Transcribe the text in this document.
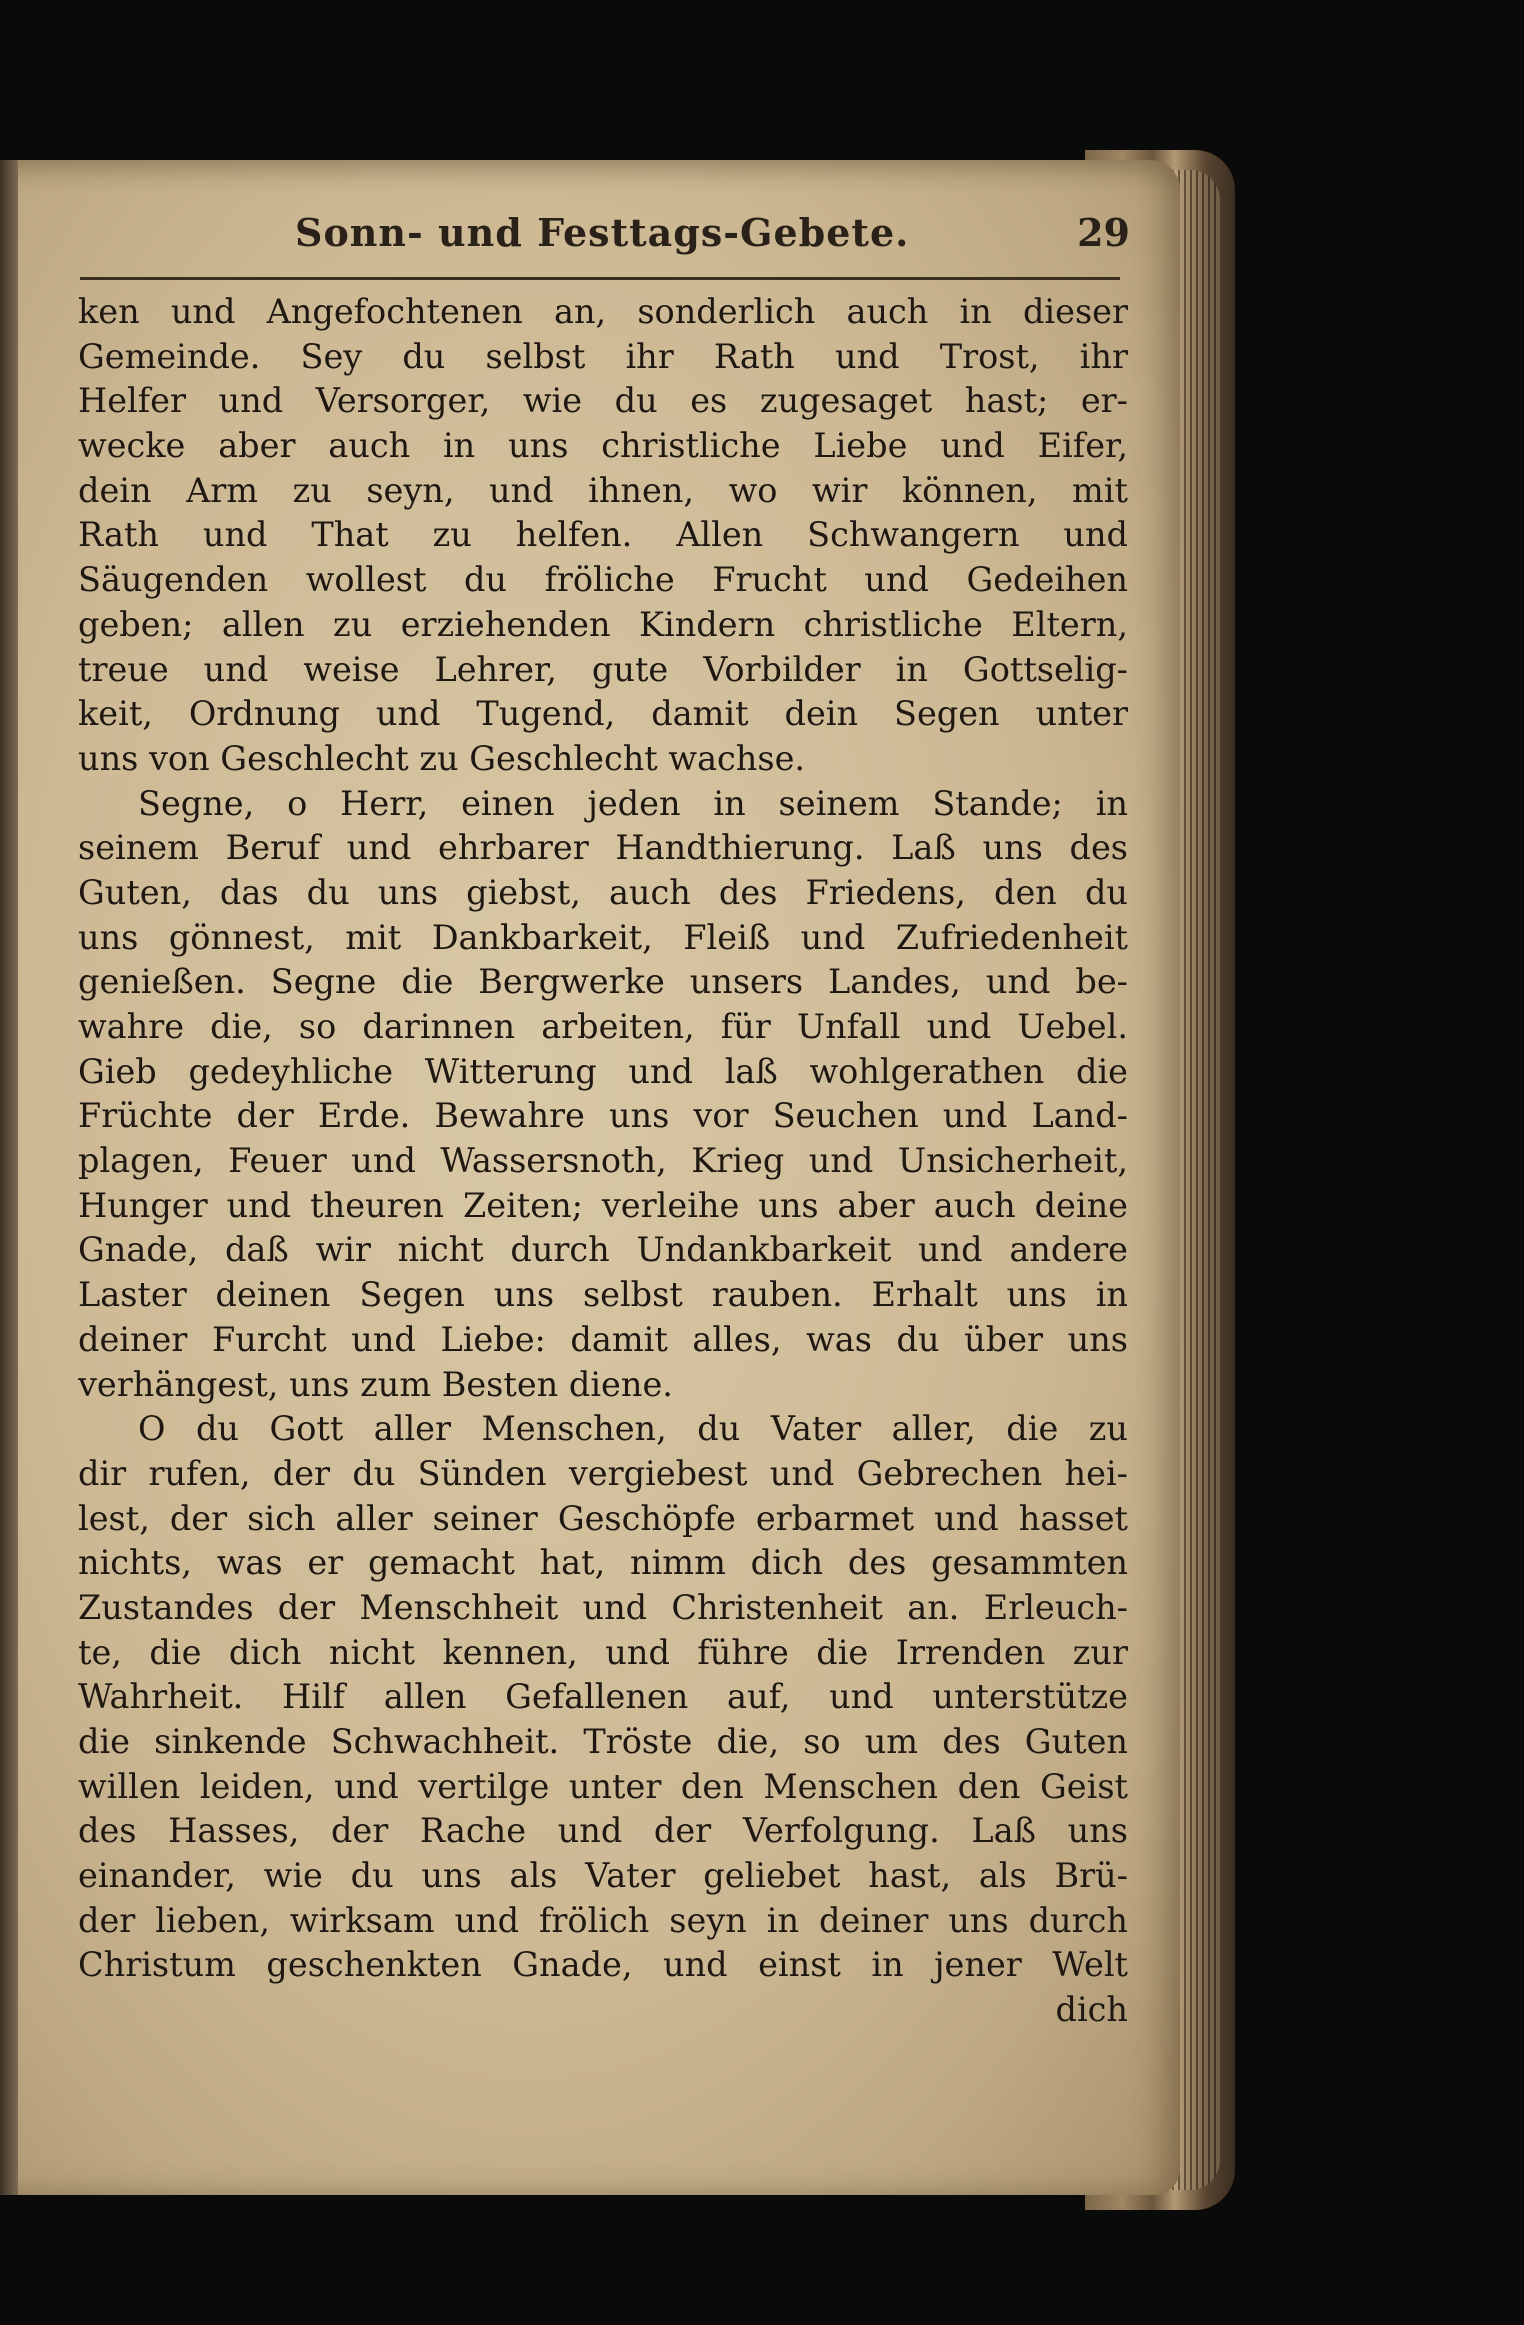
Sonn- und Festtags-Gebete.	29
ken und Angefochtenen an, sonderlich auch in dieser
Gemeinde. Sey du selbst ihr Rath und Trost, ihr
Helfer und Versorger, wie du es zugesaget hast; er-
wecke aber auch in uns christliche Liebe und Eifer,
dein Arm zu seyn, und ihnen, wo wir können, mit
Rath und That zu helfen. Allen Schwangern und
Säugenden wollest du fröliche Frucht und Gedeihen
geben; allen zu erziehenden Kindern christliche Eltern,
treue und weise Lehrer, gute Vorbilder in Gottselig-
keit, Ordnung und Tugend, damit dein Segen unter
uns von Geschlecht zu Geschlecht wachse.
Segne, o Herr, einen jeden in seinem Stande; in
seinem Beruf und ehrbarer Handthierung. Laß uns des
Guten, das du uns giebst, auch des Friedens, den du
uns gönnest, mit Dankbarkeit, Fleiß und Zufriedenheit
genießen. Segne die Bergwerke unsers Landes, und be-
wahre die, so darinnen arbeiten, für Unfall und Uebel.
Gieb gedeyhliche Witterung und laß wohlgerathen die
Früchte der Erde. Bewahre uns vor Seuchen und Land-
plagen, Feuer und Wassersnoth, Krieg und Unsicherheit,
Hunger und theuren Zeiten; verleihe uns aber auch deine
Gnade, daß wir nicht durch Undankbarkeit und andere
Laster deinen Segen uns selbst rauben. Erhalt uns in
deiner Furcht und Liebe: damit alles, was du über uns
verhängest, uns zum Besten diene.
O du Gott aller Menschen, du Vater aller, die zu
dir rufen, der du Sünden vergiebest und Gebrechen hei-
lest, der sich aller seiner Geschöpfe erbarmet und hasset
nichts, was er gemacht hat, nimm dich des gesammten
Zustandes der Menschheit und Christenheit an. Erleuch-
te, die dich nicht kennen, und führe die Irrenden zur
Wahrheit. Hilf allen Gefallenen auf, und unterstütze
die sinkende Schwachheit. Tröste die, so um des Guten
willen leiden, und vertilge unter den Menschen den Geist
des Hasses, der Rache und der Verfolgung. Laß uns
einander, wie du uns als Vater geliebet hast, als Brü-
der lieben, wirksam und frölich seyn in deiner uns durch
Christum geschenkten Gnade, und einst in jener Welt
dich
